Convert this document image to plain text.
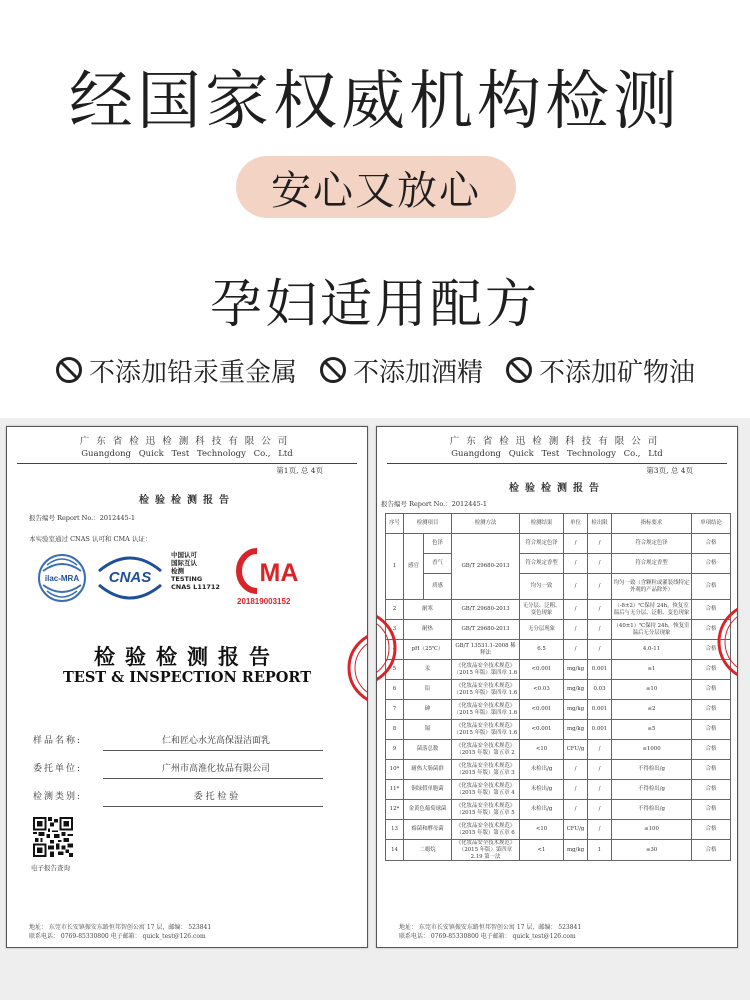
经国家权威机构检测
安心又放心
孕妇适用配方
不添加铅汞重金属 不添加酒精 不添加矿物油
广东省检迅检测科技有限公司
Guangdong Quick Test Technology Co., Ltd
第1页, 总 4页
检验检测报告
报告编号 Report No.：2012445-1
本实验室通过 CNAS 认可和 CMA 认证：
ilac-MRA CNAS
中国认可
国际互认
检测
TESTING
CNAS L11712 MA
201819003152
检验检测报告
TEST & INSPECTION REPORT
样品名称:	仁和匠心水光高保湿洁面乳
委托单位:	广州市高淮化妆品有限公司
检测类别:	委 托 检 验
电子报告查询
地址： 东莞市长安镇振安东路恒邦智创公寓 17 层，邮编： 523841
联系电话： 0769-85330800 电子邮箱： quick_test@126.com
广东省检迅检测科技有限公司
Guangdong Quick Test Technology Co., Ltd
第3页, 总 4页
检验检测报告
报告编号 Report No.：2012445-1
序号	检测项目		检测方法	检测结果	单位	检出限	指标要求	单项结论
1	感官	色泽	GB/T 29680-2013	符合规定色泽	/	/	符合规定色泽	合格
		香气		符合规定香型	/	/	符合规定香型	合格
		质感		均匀一致	/	/	均匀一致（含颗粒或灌装线特定外观的产品除外）	合格
2	耐寒		GB/T 29680-2013	无分层、泛粗、变色现象	/	/	（-8±2）℃保持 24h，恢复室温后与无分层、泛粗、变色现象	合格
3	耐热		GB/T 29680-2013	无分层现象	/	/	（40±1）℃保持 24h，恢复室温后无分层现象	合格
4	pH（25℃）		GB/T 13531.1-2008 稀释法	6.5	/	/	4.0-11	合格
5	汞		《化妆品安全技术规范》（2015 年版）第四章 1.6	<0.001	mg/kg	0.001	≤1	合格
6	铅		《化妆品安全技术规范》（2015 年版）第四章 1.6	<0.03	mg/kg	0.03	≤10	合格
7	砷		《化妆品安全技术规范》（2015 年版）第四章 1.6	<0.001	mg/kg	0.001	≤2	合格
8	镉		《化妆品安全技术规范》（2015 年版）第四章 1.6	<0.001	mg/kg	0.001	≤5	合格
9	菌落总数		《化妆品安全技术规范》（2015 年版）第五章 2	<10	CFU/g	/	≤1000	合格
10*	耐热大肠菌群		《化妆品安全技术规范》（2015 年版）第五章 3	未检出/g	/	/	不得检出/g	合格
11*	铜绿假单胞菌		《化妆品安全技术规范》（2015 年版）第五章 4	未检出/g	/	/	不得检出/g	合格
12*	金黄色葡萄球菌		《化妆品安全技术规范》（2015 年版）第五章 5	未检出/g	/	/	不得检出/g	合格
13	霉菌和酵母菌		《化妆品安全技术规范》（2015 年版）第五章 6	<10	CFU/g	/	≤100	合格
14	二噁烷		《化妆品安全技术规范》（2015 年版）第四章 2.19 第一法	<1	mg/kg	1	≤30	合格
地址： 东莞市长安镇振安东路恒邦智创公寓 17 层，邮编： 523841
联系电话： 0769-85330800 电子邮箱： quick_test@126.com
